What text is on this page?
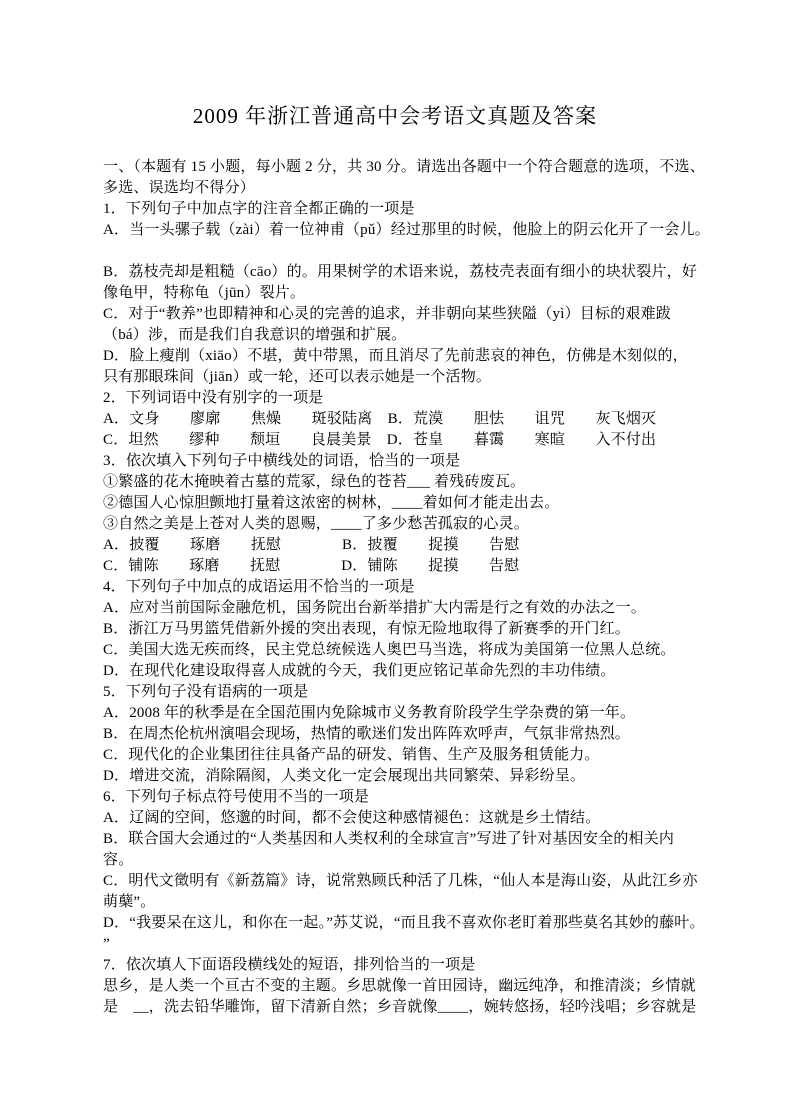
2009 年浙江普通高中会考语文真题及答案
一、（本题有 15 小题，每小题 2 分，共 30 分。请选出各题中一个符合题意的选项，不选、
多选、误选均不得分）
1．下列句子中加点字的注音全都正确的一项是
A．当一头骡子载（zài）着一位神甫（pǔ）经过那里的时候，他脸上的阴云化开了一会儿。
B．荔枝壳却是粗糙（cāo）的。用果树学的术语来说，荔枝壳表面有细小的块状裂片，好
像龟甲，特称龟（jūn）裂片。
C．对于“教养”也即精神和心灵的完善的追求，并非朝向某些狭隘（yì）目标的艰难跋
（bá）涉，而是我们自我意识的增强和扩展。
D．脸上瘦削（xiāo）不堪，黄中带黑，而且消尽了先前悲哀的神色，仿佛是木刻似的，
只有那眼珠间（jiān）或一轮，还可以表示她是一个活物。
2．下列词语中没有别字的一项是
A．文身　　廖廓　　焦燥　　斑驳陆离　B．荒漠　　胆怯　　诅咒　　灰飞烟灭
C．坦然　　缪种　　颓垣　　良晨美景　D．苍皇　　暮霭　　寒暄　　入不付出
3．依次填入下列句子中横线处的词语，恰当的一项是
①繁盛的花木掩映着古墓的荒冢，绿色的苍苔___ 着残砖废瓦。
②德国人心惊胆颤地打量着这浓密的树林，____着如何才能走出去。
③自然之美是上苍对人类的恩赐，____了多少愁苦孤寂的心灵。
A．披覆　　琢磨　　抚慰　　　　B．披覆　　捉摸　　告慰
C．铺陈　　琢磨　　抚慰　　　　D．铺陈　　捉摸　　告慰
4．下列句子中加点的成语运用不恰当的一项是
A．应对当前国际金融危机，国务院出台新举措扩大内需是行之有效的办法之一。
B．浙江万马男篮凭借新外援的突出表现，有惊无险地取得了新赛季的开门红。
C．美国大选无疾而终，民主党总统候选人奥巴马当选，将成为美国第一位黑人总统。
D．在现代化建设取得喜人成就的今天，我们更应铭记革命先烈的丰功伟绩。
5．下列句子没有语病的一项是
A．2008 年的秋季是在全国范围内免除城市义务教育阶段学生学杂费的第一年。
B．在周杰伦杭州演唱会现场，热情的歌迷们发出阵阵欢呼声，气氛非常热烈。
C．现代化的企业集团往往具备产品的研发、销售、生产及服务租赁能力。
D．增进交流，消除隔阂，人类文化一定会展现出共同繁荣、异彩纷呈。
6．下列句子标点符号使用不当的一项是
A．辽阔的空间，悠邈的时间，都不会使这种感情褪色：这就是乡土情结。
B．联合国大会通过的“人类基因和人类权利的全球宣言”写进了针对基因安全的相关内
容。
C．明代文徵明有《新荔篇》诗，说常熟顾氏种活了几株，“仙人本是海山姿，从此江乡亦
萌蘖”。
D．“我要呆在这儿，和你在一起。”苏艾说，“而且我不喜欢你老盯着那些莫名其妙的藤叶。
”
7．依次填人下面语段横线处的短语，排列恰当的一项是
思乡，是人类一个亘古不变的主题。乡思就像一首田园诗，幽远纯净，和推清淡；乡情就
是　__，洗去铅华雕饰，留下清新自然；乡音就像____，婉转悠扬，轻吟浅唱；乡容就是
